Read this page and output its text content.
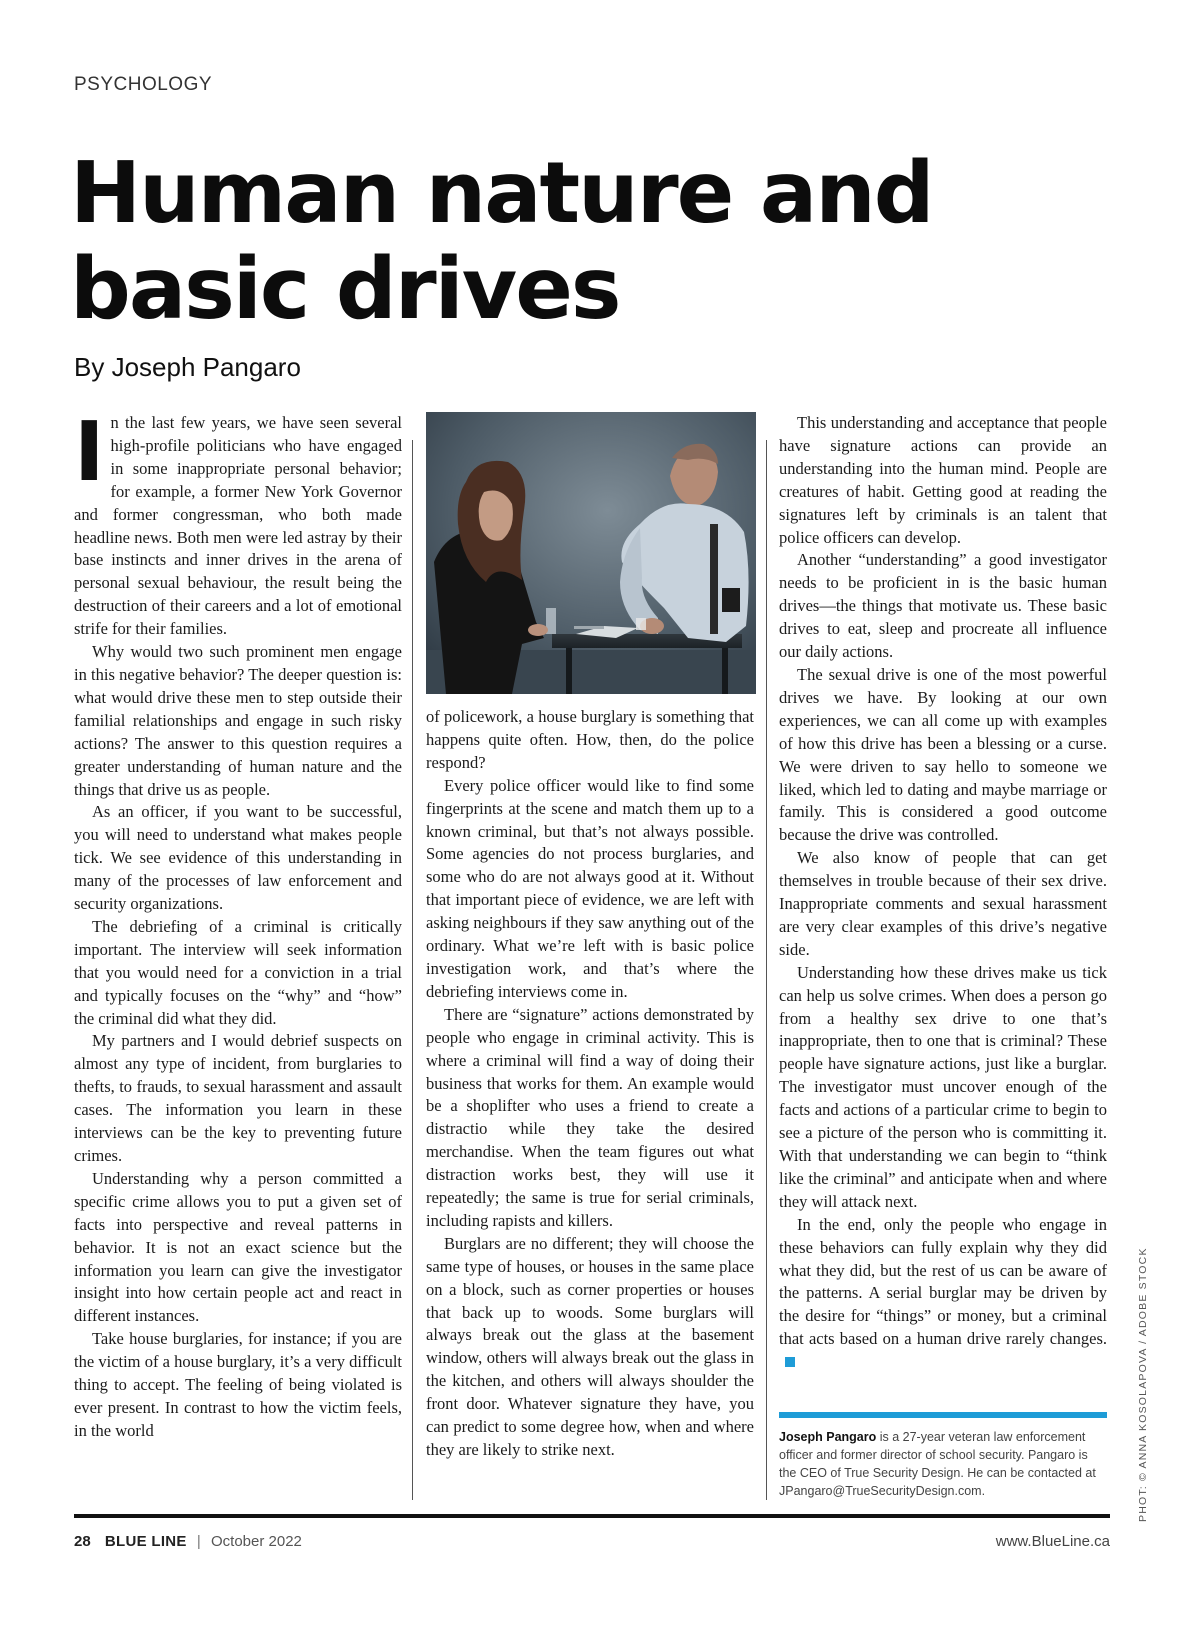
PSYCHOLOGY
Human nature and basic drives

By Joseph Pangaro

In the last few years, we have seen several high-profile politicians who have engaged in some inappropriate personal behavior; for example, a former New York Governor and former congressman, who both made headline news. Both men were led astray by their base instincts and inner drives in the arena of personal sexual behaviour, the result being the destruction of their careers and a lot of emotional strife for their families.

Why would two such prominent men engage in this negative behavior? The deeper question is: what would drive these men to step outside their familial relationships and engage in such risky actions? The answer to this question requires a greater understanding of human nature and the things that drive us as people.

As an officer, if you want to be successful, you will need to understand what makes people tick. We see evidence of this understanding in many of the processes of law enforcement and security organizations.

The debriefing of a criminal is critically important. The interview will seek information that you would need for a conviction in a trial and typically focuses on the “why” and “how” the criminal did what they did.

My partners and I would debrief suspects on almost any type of incident, from burglaries to thefts, to frauds, to sexual harassment and assault cases. The information you learn in these interviews can be the key to preventing future crimes.

Understanding why a person committed a specific crime allows you to put a given set of facts into perspective and reveal patterns in behavior. It is not an exact science but the information you learn can give the investigator insight into how certain people act and react in different instances.

Take house burglaries, for instance; if you are the victim of a house burglary, it’s a very difficult thing to accept. The feeling of being violated is ever present. In contrast to how the victim feels, in the world

of policework, a house burglary is something that happens quite often. How, then, do the police respond?

Every police officer would like to find some fingerprints at the scene and match them up to a known criminal, but that’s not always possible. Some agencies do not process burglaries, and some who do are not always good at it. Without that important piece of evidence, we are left with asking neighbours if they saw anything out of the ordinary. What we’re left with is basic police investigation work, and that’s where the debriefing interviews come in.

There are “signature” actions demonstrated by people who engage in criminal activity. This is where a criminal will find a way of doing their business that works for them. An example would be a shoplifter who uses a friend to create a distractio while they take the desired merchandise. When the team figures out what distraction works best, they will use it repeatedly; the same is true for serial criminals, including rapists and killers.

Burglars are no different; they will choose the same type of houses, or houses in the same place on a block, such as corner properties or houses that back up to woods. Some burglars will always break out the glass at the basement window, others will always break out the glass in the kitchen, and others will always shoulder the front door. Whatever signature they have, you can predict to some degree how, when and where they are likely to strike next.

This understanding and acceptance that people have signature actions can provide an understanding into the human mind. People are creatures of habit. Getting good at reading the signatures left by criminals is an talent that police officers can develop.

Another “understanding” a good investigator needs to be proficient in is the basic human drives—the things that motivate us. These basic drives to eat, sleep and procreate all influence our daily actions.

The sexual drive is one of the most powerful drives we have. By looking at our own experiences, we can all come up with examples of how this drive has been a blessing or a curse. We were driven to say hello to someone we liked, which led to dating and maybe marriage or family. This is considered a good outcome because the drive was controlled.

We also know of people that can get themselves in trouble because of their sex drive. Inappropriate comments and sexual harassment are very clear examples of this drive’s negative side.

Understanding how these drives make us tick can help us solve crimes. When does a person go from a healthy sex drive to one that’s inappropriate, then to one that is criminal? These people have signature actions, just like a burglar. The investigator must uncover enough of the facts and actions of a particular crime to begin to see a picture of the person who is committing it. With that understanding we can begin to “think like the criminal” and anticipate when and where they will attack next.

In the end, only the people who engage in these behaviors can fully explain why they did what they did, but the rest of us can be aware of the patterns. A serial burglar may be driven by the desire for “things” or money, but a criminal that acts based on a human drive rarely changes.

Joseph Pangaro is a 27-year veteran law enforcement officer and former director of school security. Pangaro is the CEO of True Security Design. He can be contacted at JPangaro@TrueSecurityDesign.com.	PHOT: © ANNA KOSOLAPOVA / ADOBE STOCK
28 BLUE LINE | October 2022	www.BlueLine.ca
